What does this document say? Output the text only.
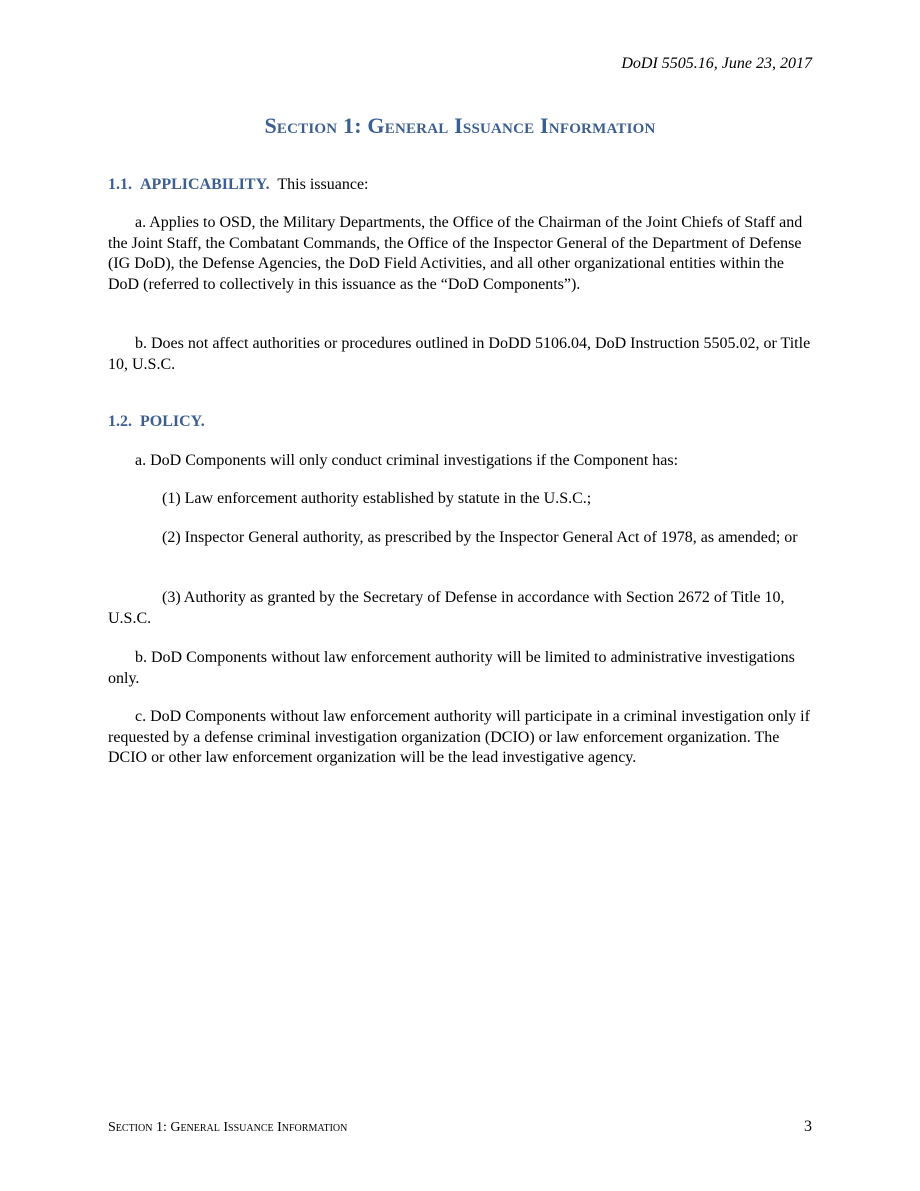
DoDI 5505.16, June 23, 2017
Section 1: General Issuance Information

1.1. APPLICABILITY. This issuance:

a. Applies to OSD, the Military Departments, the Office of the Chairman of the Joint Chiefs of Staff and the Joint Staff, the Combatant Commands, the Office of the Inspector General of the Department of Defense (IG DoD), the Defense Agencies, the DoD Field Activities, and all other organizational entities within the DoD (referred to collectively in this issuance as the “DoD Components”).

b. Does not affect authorities or procedures outlined in DoDD 5106.04, DoD Instruction 5505.02, or Title 10, U.S.C.

1.2. POLICY.

a. DoD Components will only conduct criminal investigations if the Component has:

(1) Law enforcement authority established by statute in the U.S.C.;

(2) Inspector General authority, as prescribed by the Inspector General Act of 1978, as amended; or

(3) Authority as granted by the Secretary of Defense in accordance with Section 2672 of Title 10, U.S.C.

b. DoD Components without law enforcement authority will be limited to administrative investigations only.

c. DoD Components without law enforcement authority will participate in a criminal investigation only if requested by a defense criminal investigation organization (DCIO) or law enforcement organization. The DCIO or other law enforcement organization will be the lead investigative agency.

Section 1: General Issuance Information	3
